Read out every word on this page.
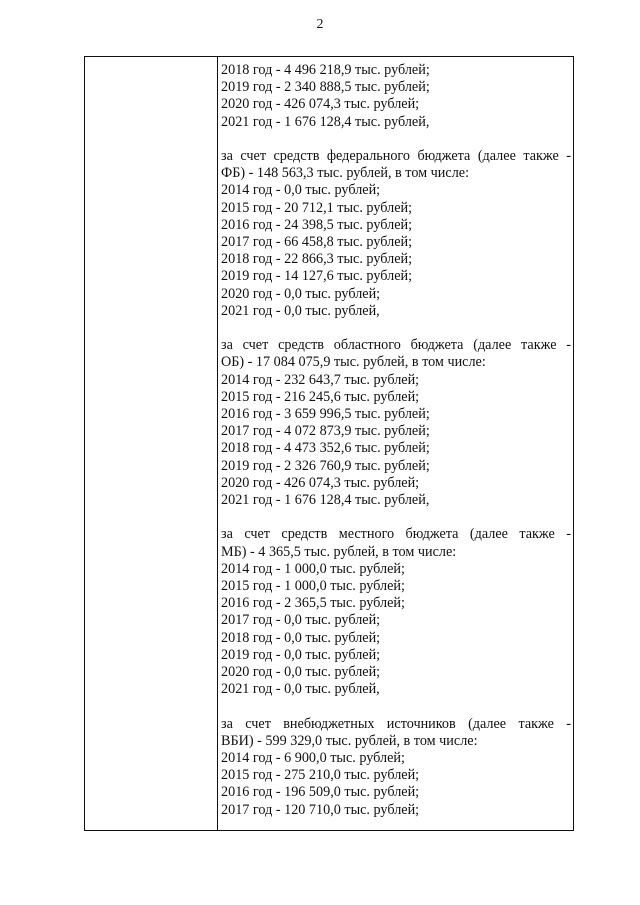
2
2018 год - 4 496 218,9 тыс. рублей;
2019 год - 2 340 888,5 тыс. рублей;
2020 год - 426 074,3 тыс. рублей;
2021 год - 1 676 128,4 тыс. рублей,
за счет средств федерального бюджета (далее также -
ФБ) - 148 563,3 тыс. рублей, в том числе:
2014 год - 0,0 тыс. рублей;
2015 год - 20 712,1 тыс. рублей;
2016 год - 24 398,5 тыс. рублей;
2017 год - 66 458,8 тыс. рублей;
2018 год - 22 866,3 тыс. рублей;
2019 год - 14 127,6 тыс. рублей;
2020 год - 0,0 тыс. рублей;
2021 год - 0,0 тыс. рублей,
за счет средств областного бюджета (далее также -
ОБ) - 17 084 075,9 тыс. рублей, в том числе:
2014 год - 232 643,7 тыс. рублей;
2015 год - 216 245,6 тыс. рублей;
2016 год - 3 659 996,5 тыс. рублей;
2017 год - 4 072 873,9 тыс. рублей;
2018 год - 4 473 352,6 тыс. рублей;
2019 год - 2 326 760,9 тыс. рублей;
2020 год - 426 074,3 тыс. рублей;
2021 год - 1 676 128,4 тыс. рублей,
за счет средств местного бюджета (далее также -
МБ) - 4 365,5 тыс. рублей, в том числе:
2014 год - 1 000,0 тыс. рублей;
2015 год - 1 000,0 тыс. рублей;
2016 год - 2 365,5 тыс. рублей;
2017 год - 0,0 тыс. рублей;
2018 год - 0,0 тыс. рублей;
2019 год - 0,0 тыс. рублей;
2020 год - 0,0 тыс. рублей;
2021 год - 0,0 тыс. рублей,
за счет внебюджетных источников (далее также -
ВБИ) - 599 329,0 тыс. рублей, в том числе:
2014 год - 6 900,0 тыс. рублей;
2015 год - 275 210,0 тыс. рублей;
2016 год - 196 509,0 тыс. рублей;
2017 год - 120 710,0 тыс. рублей;
